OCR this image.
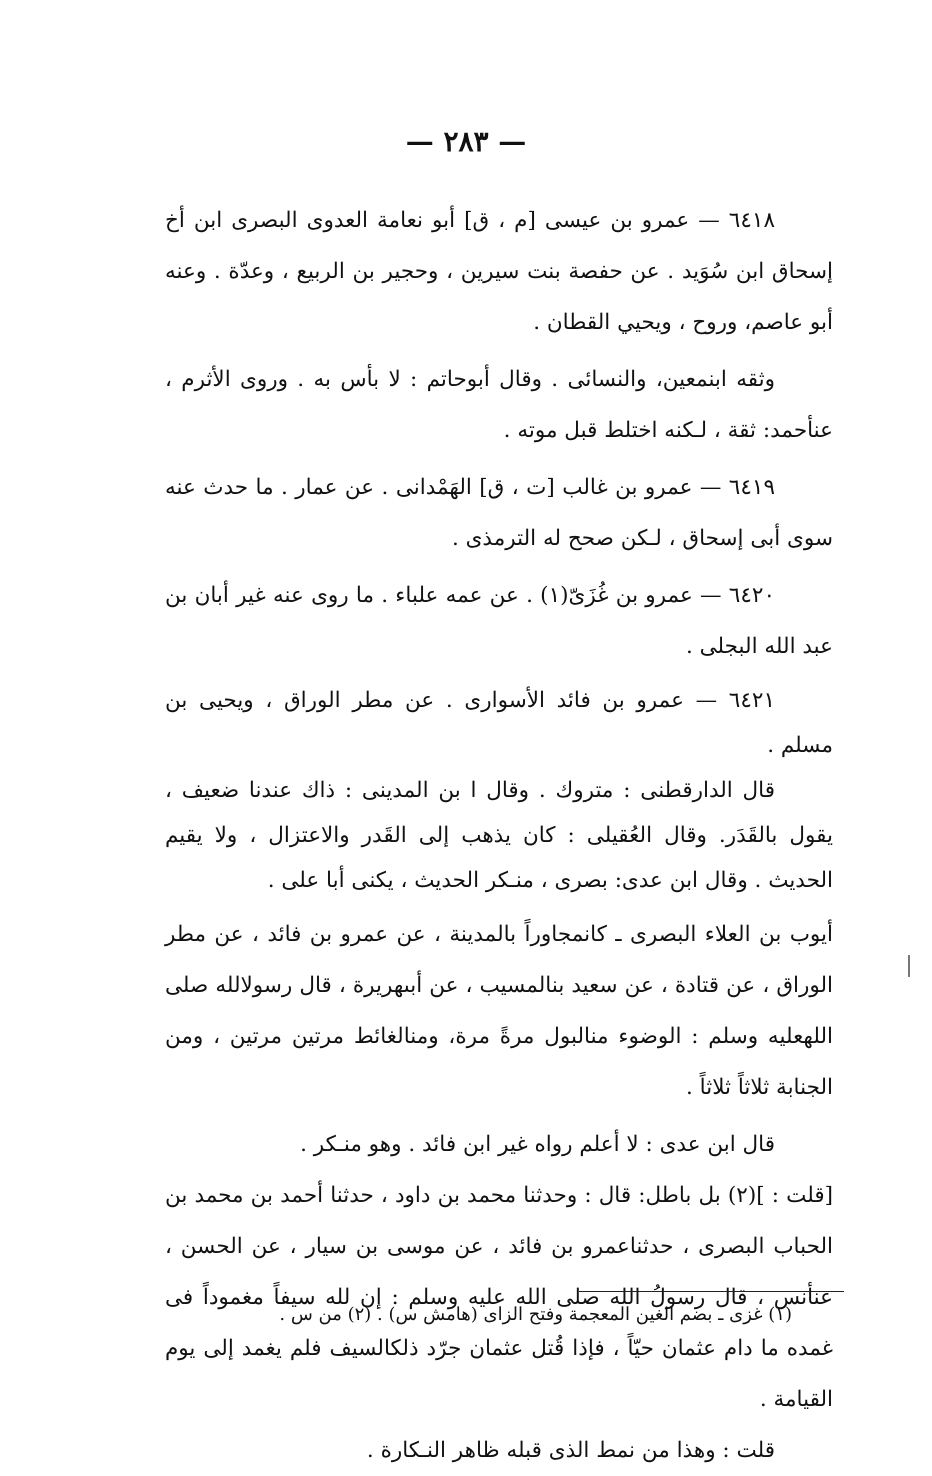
— ٢٨٣ —

٦٤١٨ — عمرو بن عيسى [م ، ق] أبو نعامة العدوى البصرى ابن أخ إسحاق ابن سُوَيد . عن حفصة بنت سيرين ، وحجير بن الربيع ، وعدّة . وعنه أبو عاصم، وروح ، ويحيي القطان .

وثقه ابنمعين، والنسائى . وقال أبوحاتم : لا بأس به . وروى الأثرم ، عنأحمد: ثقة ، لـكنه اختلط قبل موته .

٦٤١٩ — عمرو بن غالب [ت ، ق] الهَمْدانى . عن عمار . ما حدث عنه سوى أبى إسحاق ، لـكن صحح له الترمذى .

٦٤٢٠ — عمرو بن غُزَىّ(١) . عن عمه علباء . ما روى عنه غير أبان بن عبد الله البجلى .

٦٤٢١ — عمرو بن فائد الأسوارى . عن مطر الوراق ، ويحيى بن مسلم .

قال الدارقطنى : متروك . وقال ا بن المدينى : ذاك عندنا ضعيف ، يقول بالقَدَر. وقال العُقيلى : كان يذهب إلى القَدر والاعتزال ، ولا يقيم الحديث . وقال ابن عدى: بصرى ، منـكر الحديث ، يكنى أبا على .

أيوب بن العلاء البصرى ـ كانمجاوراً بالمدينة ، عن عمرو بن فائد ، عن مطر الوراق ، عن قتادة ، عن سعيد بنالمسيب ، عن أبىهريرة ، قال رسولالله صلى اللهعليه وسلم : الوضوء منالبول مرةً مرة، ومنالغائط مرتين مرتين ، ومن الجنابة ثلاثاً ثلاثاً .

قال ابن عدى : لا أعلم رواه غير ابن فائد . وهو منـكر .

[قلت : ](٢) بل باطل: قال : وحدثنا محمد بن داود ، حدثنا أحمد بن محمد بن الحباب البصرى ، حدثناعمرو بن فائد ، عن موسى بن سيار ، عن الحسن ، عنأنس ، قال رسولُ الله صلى الله عليه وسلم : إن لله سيفاً مغموداً فى غمده ما دام عثمان حيّاً ، فإذا قُتل عثمان جرّد ذلكالسيف فلم يغمد إلى يوم القيامة .

قلت : وهذا من نمط الذى قبله ظاهر النـكارة .

(١) غزى ـ بضم الغين المعجمة وفتح الزاى (هامش س) . (٢) من س .
